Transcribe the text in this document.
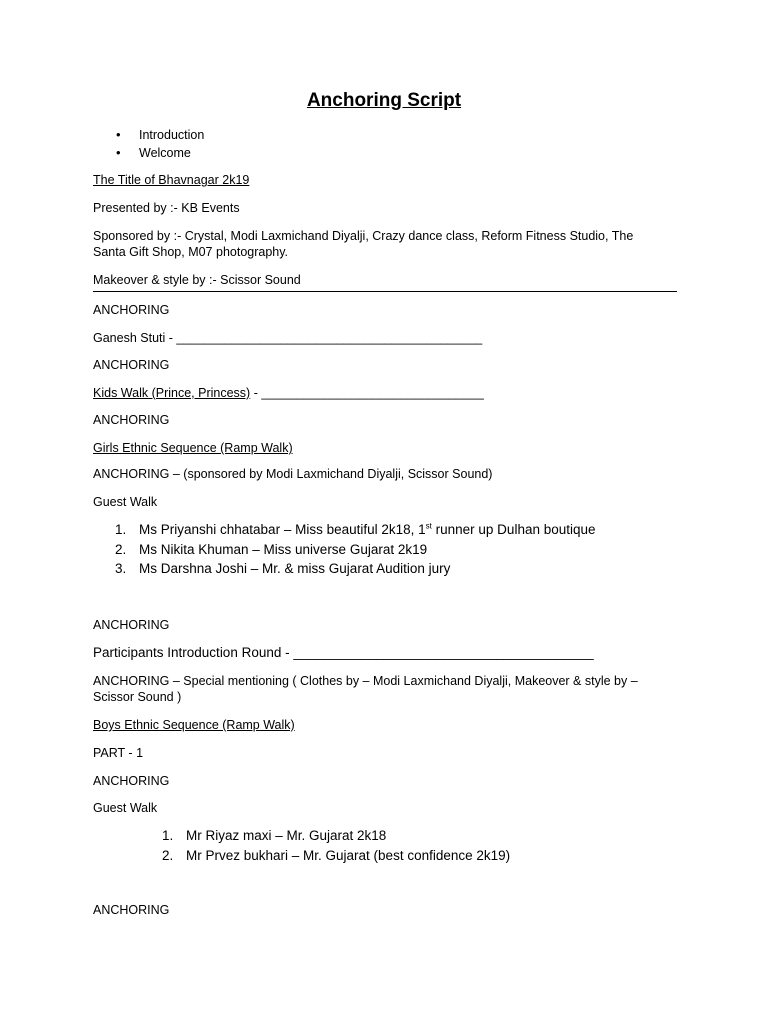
Anchoring Script
• Introduction
• Welcome
The Title of Bhavnagar 2k19
Presented by :- KB Events
Sponsored by :- Crystal, Modi Laxmichand Diyalji, Crazy dance class, Reform Fitness Studio, The Santa Gift Shop, M07 photography.
Makeover & style by :- Scissor Sound
ANCHORING
Ganesh Stuti - ____________________________________________
ANCHORING
Kids Walk (Prince, Princess) - ________________________________
ANCHORING
Girls Ethnic Sequence (Ramp Walk)
ANCHORING – (sponsored by Modi Laxmichand Diyalji, Scissor Sound)
Guest Walk
1. Ms Priyanshi chhatabar – Miss beautiful 2k18, 1st runner up Dulhan boutique
2. Ms Nikita Khuman – Miss universe Gujarat 2k19
3. Ms Darshna Joshi – Mr. & miss Gujarat Audition jury
ANCHORING
Participants Introduction Round - ________________________________________
ANCHORING – Special mentioning ( Clothes by – Modi Laxmichand Diyalji, Makeover & style by – Scissor Sound )
Boys Ethnic Sequence (Ramp Walk)
PART - 1
ANCHORING
Guest Walk
1. Mr Riyaz maxi – Mr. Gujarat 2k18
2. Mr Prvez bukhari – Mr. Gujarat (best confidence 2k19)
ANCHORING
